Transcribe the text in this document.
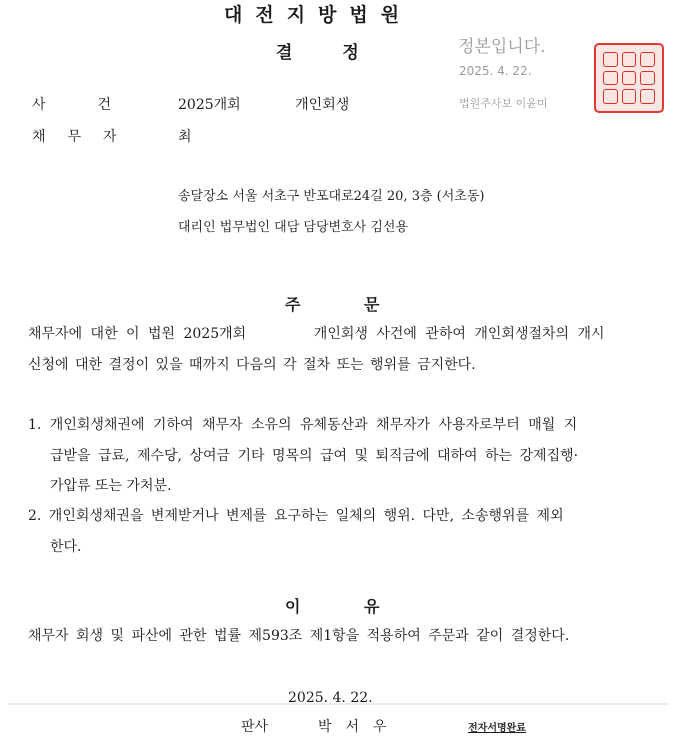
대전지방법원
결	정	정본입니다.
2025. 4. 22.
법원주사보 이윤미
사건 2025개회	개인회생
채무자	최
송달장소 서울 서초구 반포대로24길 20, 3층 (서초동)
대리인 법무법인 대담 담당변호사 김선용
주	문
채무자에 대한 이 법원 2025개회        개인회생 사건에 관하여 개인회생절차의 개시
신청에 대한 결정이 있을 때까지 다음의 각 절차 또는 행위를 금지한다.
1. 개인회생채권에 기하여 채무자 소유의 유체동산과 채무자가 사용자로부터 매월 지
급받을 급료, 제수당, 상여금 기타 명목의 급여 및 퇴직금에 대하여 하는 강제집행·
가압류 또는 가처분.
2. 개인회생채권을 변제받거나 변제를 요구하는 일체의 행위. 다만, 소송행위를 제외
한다.
이	유
채무자 회생 및 파산에 관한 법률 제593조 제1항을 적용하여 주문과 같이 결정한다.
2025. 4. 22.
판사	박서우	전자서명완료
